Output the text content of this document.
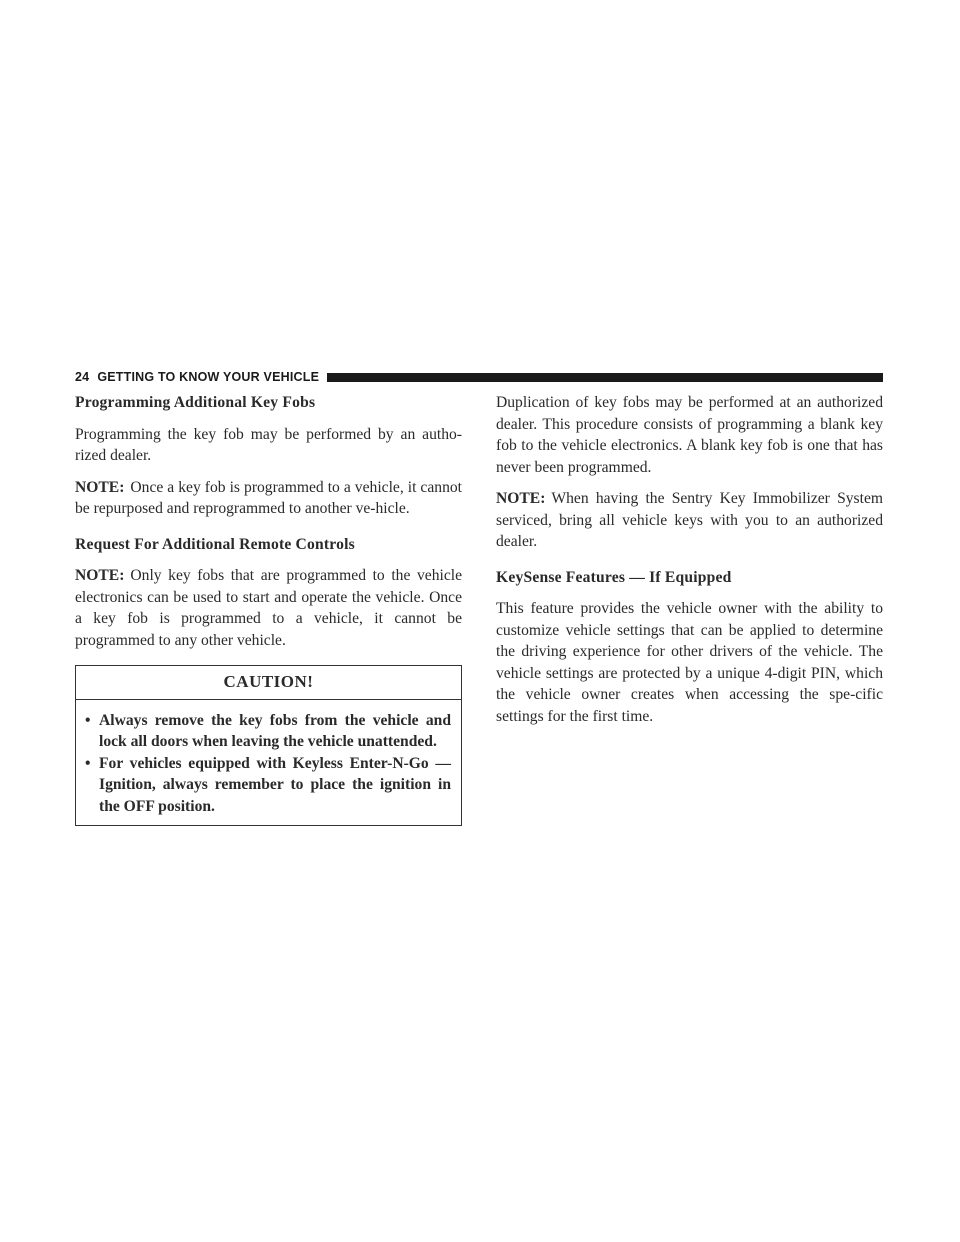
24 GETTING TO KNOW YOUR VEHICLE
Programming Additional Key Fobs

Programming the key fob may be performed by an autho-rized dealer.

NOTE: Once a key fob is programmed to a vehicle, it cannot be repurposed and reprogrammed to another ve-hicle.

Request For Additional Remote Controls

NOTE: Only key fobs that are programmed to the vehicle electronics can be used to start and operate the vehicle. Once a key fob is programmed to a vehicle, it cannot be programmed to any other vehicle.

CAUTION!
• Always remove the key fobs from the vehicle and lock all doors when leaving the vehicle unattended.
• For vehicles equipped with Keyless Enter-N-Go — Ignition, always remember to place the ignition in the OFF position.

Duplication of key fobs may be performed at an authorized dealer. This procedure consists of programming a blank key fob to the vehicle electronics. A blank key fob is one that has never been programmed.

NOTE: When having the Sentry Key Immobilizer System serviced, bring all vehicle keys with you to an authorized dealer.

KeySense Features — If Equipped

This feature provides the vehicle owner with the ability to customize vehicle settings that can be applied to determine the driving experience for other drivers of the vehicle. The vehicle settings are protected by a unique 4-digit PIN, which the vehicle owner creates when accessing the spe-cific settings for the first time.
